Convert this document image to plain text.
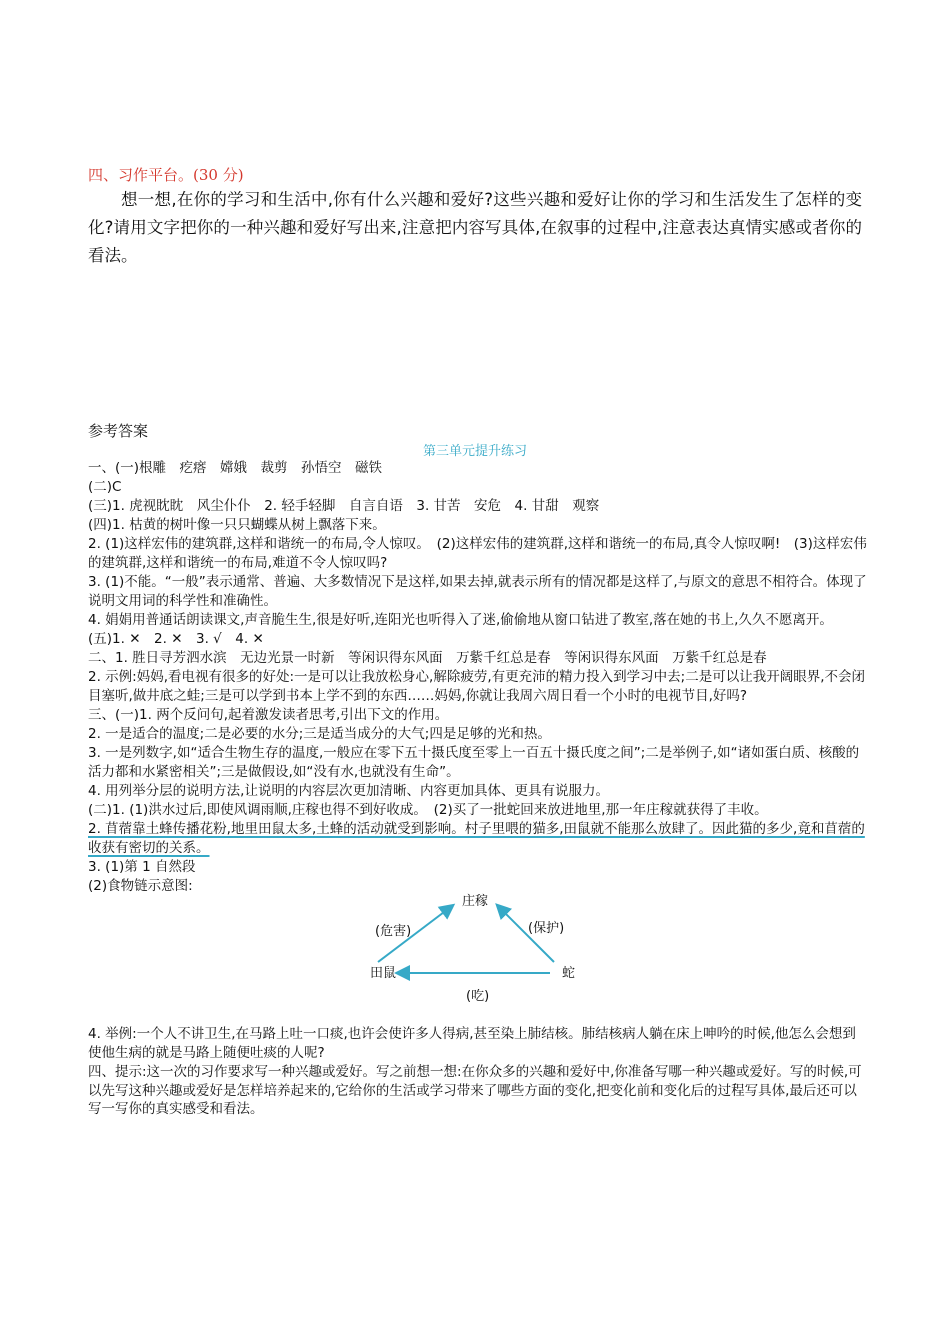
四、习作平台。(30 分)
想一想,在你的学习和生活中,你有什么兴趣和爱好?这些兴趣和爱好让你的学习和生活发生了怎样的变化?请用文字把你的一种兴趣和爱好写出来,注意把内容写具体,在叙事的过程中,注意表达真情实感或者你的看法。
参考答案
第三单元提升练习
一、(一)根雕　疙瘩　嫦娥　裁剪　孙悟空　磁铁
(二)C
(三)1. 虎视眈眈　风尘仆仆　2. 轻手轻脚　自言自语　3. 甘苦　安危　4. 甘甜　观察
(四)1. 枯黄的树叶像一只只蝴蝶从树上飘落下来。
2. (1)这样宏伟的建筑群,这样和谐统一的布局,令人惊叹。　(2)这样宏伟的建筑群,这样和谐统一的布局,真令人惊叹啊!　(3)这样宏伟的建筑群,这样和谐统一的布局,难道不令人惊叹吗?
3. (1)不能。“一般”表示通常、普遍、大多数情况下是这样,如果去掉,就表示所有的情况都是这样了,与原文的意思不相符合。体现了说明文用词的科学性和准确性。
4. 娟娟用普通话朗读课文,声音脆生生,很是好听,连阳光也听得入了迷,偷偷地从窗口钻进了教室,落在她的书上,久久不愿离开。
(五)1. ✕　2. ✕　3. √　4. ✕
二、1. 胜日寻芳泗水滨　无边光景一时新　等闲识得东风面　万紫千红总是春　等闲识得东风面　万紫千红总是春
2. 示例:妈妈,看电视有很多的好处:一是可以让我放松身心,解除疲劳,有更充沛的精力投入到学习中去;二是可以让我开阔眼界,不会闭目塞听,做井底之蛙;三是可以学到书本上学不到的东西……妈妈,你就让我周六周日看一个小时的电视节目,好吗?
三、(一)1. 两个反问句,起着激发读者思考,引出下文的作用。
2. 一是适合的温度;二是必要的水分;三是适当成分的大气;四是足够的光和热。
3. 一是列数字,如“适合生物生存的温度,一般应在零下五十摄氏度至零上一百五十摄氏度之间”;二是举例子,如“诸如蛋白质、核酸的活力都和水紧密相关”;三是做假设,如“没有水,也就没有生命”。
4. 用列举分层的说明方法,让说明的内容层次更加清晰、内容更加具体、更具有说服力。
(二)1. (1)洪水过后,即使风调雨顺,庄稼也得不到好收成。　(2)买了一批蛇回来放进地里,那一年庄稼就获得了丰收。
2. 苜蓿靠土蜂传播花粉,地里田鼠太多,土蜂的活动就受到影响。村子里喂的猫多,田鼠就不能那么放肆了。因此猫的多少,竟和苜蓿的收获有密切的关系。
3. (1)第 1 自然段
(2)食物链示意图:
庄稼
田鼠	蛇
(危害)	(保护)
(吃)
4. 举例:一个人不讲卫生,在马路上吐一口痰,也许会使许多人得病,甚至染上肺结核。肺结核病人躺在床上呻吟的时候,他怎么会想到使他生病的就是马路上随便吐痰的人呢?
四、提示:这一次的习作要求写一种兴趣或爱好。写之前想一想:在你众多的兴趣和爱好中,你准备写哪一种兴趣或爱好。写的时候,可以先写这种兴趣或爱好是怎样培养起来的,它给你的生活或学习带来了哪些方面的变化,把变化前和变化后的过程写具体,最后还可以写一写你的真实感受和看法。
